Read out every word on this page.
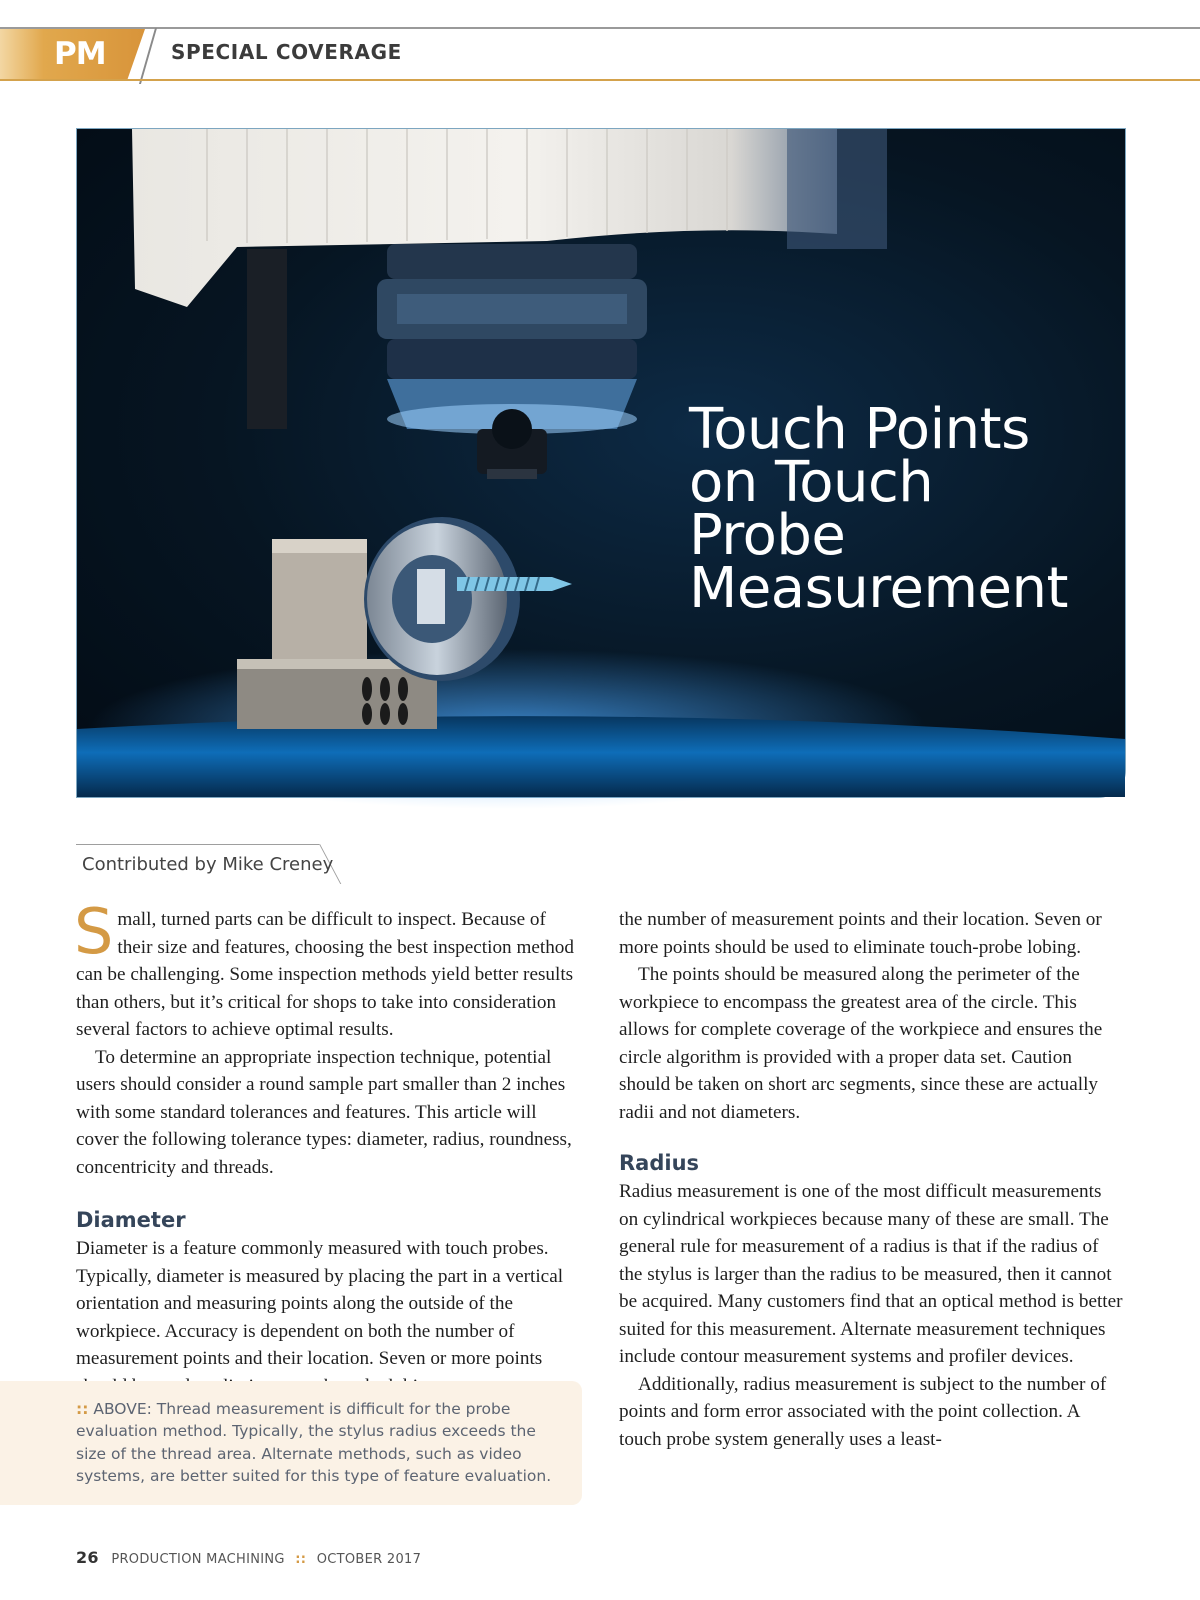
PM	SPECIAL COVERAGE
Touch Points
on Touch
Probe
Measurement
Contributed by Mike Creney

Small, turned parts can be difficult to inspect. Because of their size and features, choosing the best inspection method can be challenging. Some inspection methods yield better results than others, but it’s critical for shops to take into consideration several factors to achieve optimal results.

To determine an appropriate inspection technique, potential users should consider a round sample part smaller than 2 inches with some standard tolerances and features. This article will cover the following tolerance types: diameter, radius, roundness, concentricity and threads.

Diameter

Diameter is a feature commonly measured with touch probes. Typically, diameter is measured by placing the part in a vertical orientation and measuring points along the outside of the workpiece. Accuracy is dependent on both the number of measurement points and their location. Seven or more points

:: ABOVE: Thread measurement is difficult for the probe evaluation method. Typically, the stylus radius exceeds the size of the thread area. Alternate methods, such as video systems, are better suited for this type of feature evaluation.

the number of measurement points and their location. Seven or more points should be used to eliminate touch-probe lobing.

The points should be measured along the perimeter of the workpiece to encompass the greatest area of the circle. This allows for complete coverage of the workpiece and ensures the circle algorithm is provided with a proper data set. Caution should be taken on short arc segments, since these are actually radii and not diameters.

Radius

Radius measurement is one of the most difficult measurements on cylindrical workpieces because many of these are small. The general rule for measurement of a radius is that if the radius of the stylus is larger than the radius to be measured, then it cannot be acquired. Many customers find that an optical method is better suited for this measurement. Alternate measurement techniques include contour measurement systems and profiler devices.

Additionally, radius measurement is subject to the number of points and form error associated with the point collection. A touch probe system generally uses a least-

26 PRODUCTION MACHINING :: OCTOBER 2017
